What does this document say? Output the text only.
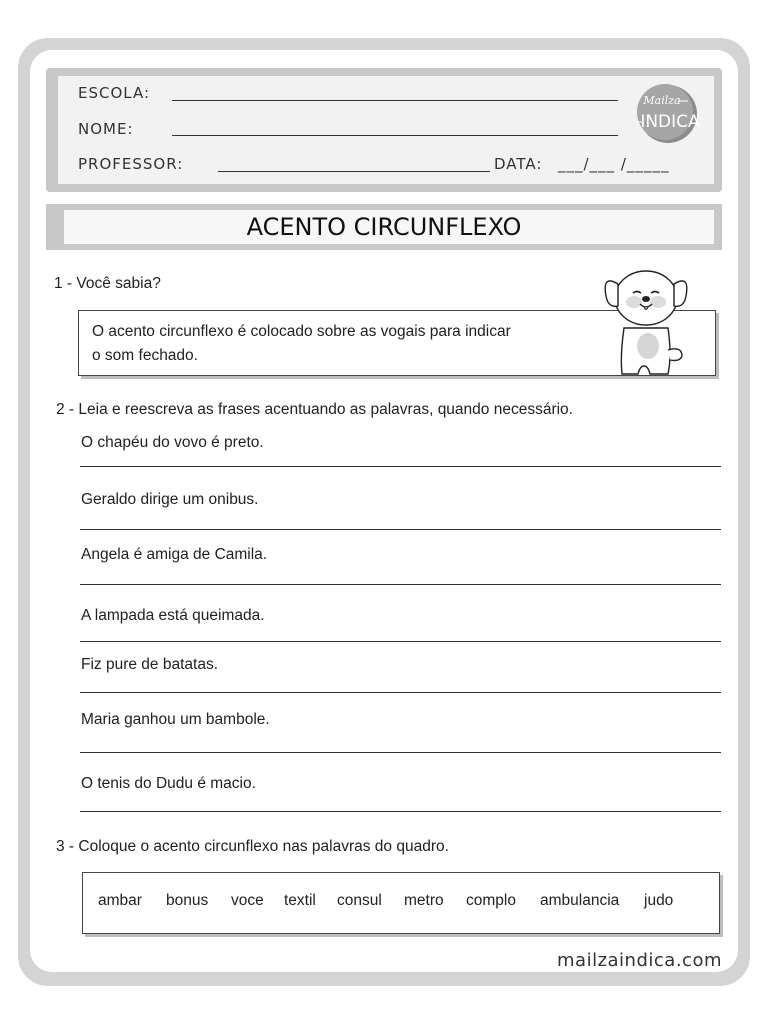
ESCOLA:
NOME:
PROFESSOR:	DATA: ___/___ /_____
Mailza
INDICA
ACENTO CIRCUNFLEXO
1 - Você sabia?
O acento circunflexo é colocado sobre as vogais para indicar
o som fechado.
2 - Leia e reescreva as frases acentuando as palavras, quando necessário.
O chapéu do vovo é preto.
Geraldo dirige um onibus.
Angela é amiga de Camila.
A lampada está queimada.
Fiz pure de batatas.
Maria ganhou um bambole.
O tenis do Dudu é macio.
3 - Coloque o acento circunflexo nas palavras do quadro.
ambar bonus voce textil consul metro complo ambulancia judo
mailzaindica.com
